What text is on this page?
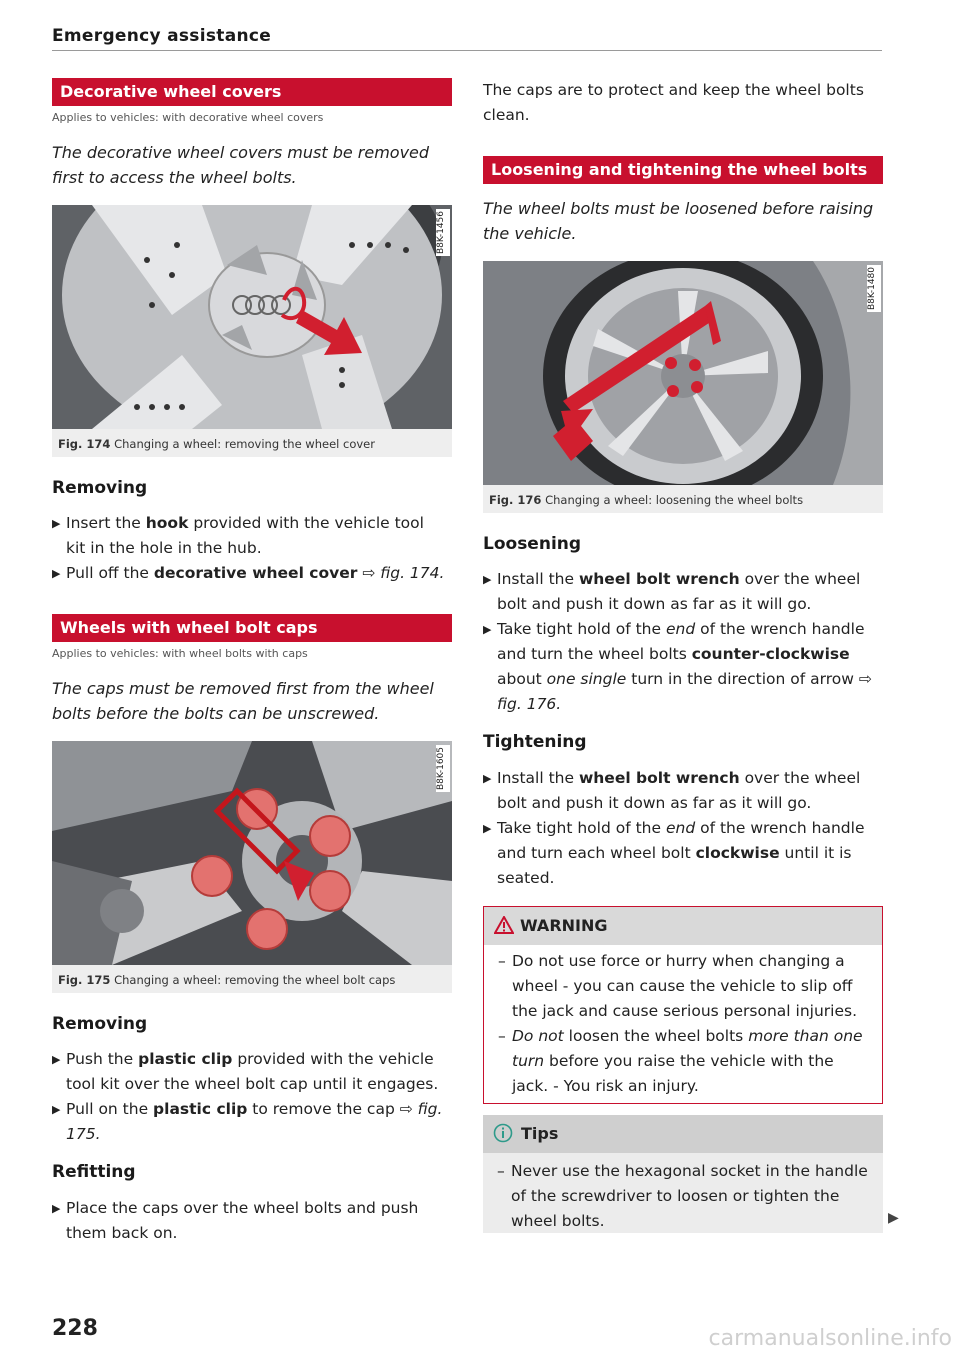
Emergency assistance
Decorative wheel covers
Applies to vehicles: with decorative wheel covers
The decorative wheel covers must be removed first to access the wheel bolts.
B8K-1456
Fig. 174 Changing a wheel: removing the wheel cover
Removing
▶ Insert the hook provided with the vehicle tool kit in the hole in the hub.
▶ Pull off the decorative wheel cover ⇨ fig. 174.
Wheels with wheel bolt caps
Applies to vehicles: with wheel bolts with caps
The caps must be removed first from the wheel bolts before the bolts can be unscrewed.
B8K-1605
Fig. 175 Changing a wheel: removing the wheel bolt caps
Removing
▶ Push the plastic clip provided with the vehicle tool kit over the wheel bolt cap until it engages.
▶ Pull on the plastic clip to remove the cap ⇨ fig. 175.
Refitting
▶ Place the caps over the wheel bolts and push them back on.
228
The caps are to protect and keep the wheel bolts clean.
Loosening and tightening the wheel bolts
The wheel bolts must be loosened before raising the vehicle.
B8K-1480
Fig. 176 Changing a wheel: loosening the wheel bolts
Loosening
▶ Install the wheel bolt wrench over the wheel bolt and push it down as far as it will go.
▶ Take tight hold of the end of the wrench handle and turn the wheel bolts counter-clockwise about one single turn in the direction of arrow ⇨ fig. 176.
Tightening
▶ Install the wheel bolt wrench over the wheel bolt and push it down as far as it will go.
▶ Take tight hold of the end of the wrench handle and turn each wheel bolt clockwise until it is seated.
WARNING
– Do not use force or hurry when changing a wheel - you can cause the vehicle to slip off the jack and cause serious personal injuries.
– Do not loosen the wheel bolts more than one turn before you raise the vehicle with the jack. - You risk an injury.
Tips
– Never use the hexagonal socket in the handle of the screwdriver to loosen or tighten the wheel bolts.	▶
carmanualsonline.info
